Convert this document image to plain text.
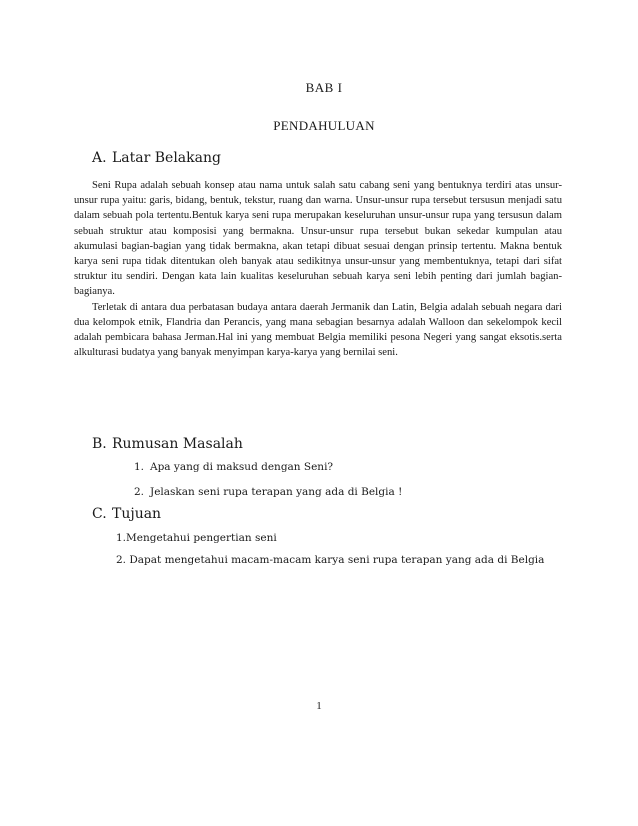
BAB I
PENDAHULUAN
A. Latar Belakang

Seni Rupa adalah sebuah konsep atau nama untuk salah satu cabang seni yang bentuknya terdiri atas unsur-unsur rupa yaitu: garis, bidang, bentuk, tekstur, ruang dan warna. Unsur-unsur rupa tersebut tersusun menjadi satu dalam sebuah pola tertentu.Bentuk karya seni rupa merupakan keseluruhan unsur-unsur rupa yang tersusun dalam sebuah struktur atau komposisi yang bermakna. Unsur-unsur rupa tersebut bukan sekedar kumpulan atau akumulasi bagian-bagian yang tidak bermakna, akan tetapi dibuat sesuai dengan prinsip tertentu. Makna bentuk karya seni rupa tidak ditentukan oleh banyak atau sedikitnya unsur-unsur yang membentuknya, tetapi dari sifat struktur itu sendiri. Dengan kata lain kualitas keseluruhan sebuah karya seni lebih penting dari jumlah bagian-bagianya.

Terletak di antara dua perbatasan budaya antara daerah Jermanik dan Latin, Belgia adalah sebuah negara dari dua kelompok etnik, Flandria dan Perancis, yang mana sebagian besarnya adalah Walloon dan sekelompok kecil adalah pembicara bahasa Jerman.Hal ini yang membuat Belgia memiliki pesona Negeri yang sangat eksotis.serta alkulturasi budatya yang banyak menyimpan karya-karya yang bernilai seni.

B. Rumusan Masalah
1. Apa yang di maksud dengan Seni?
2. Jelaskan seni rupa terapan yang ada di Belgia !
C. Tujuan
1.Mengetahui pengertian seni
2. Dapat mengetahui macam-macam karya seni rupa terapan yang ada di Belgia
1
